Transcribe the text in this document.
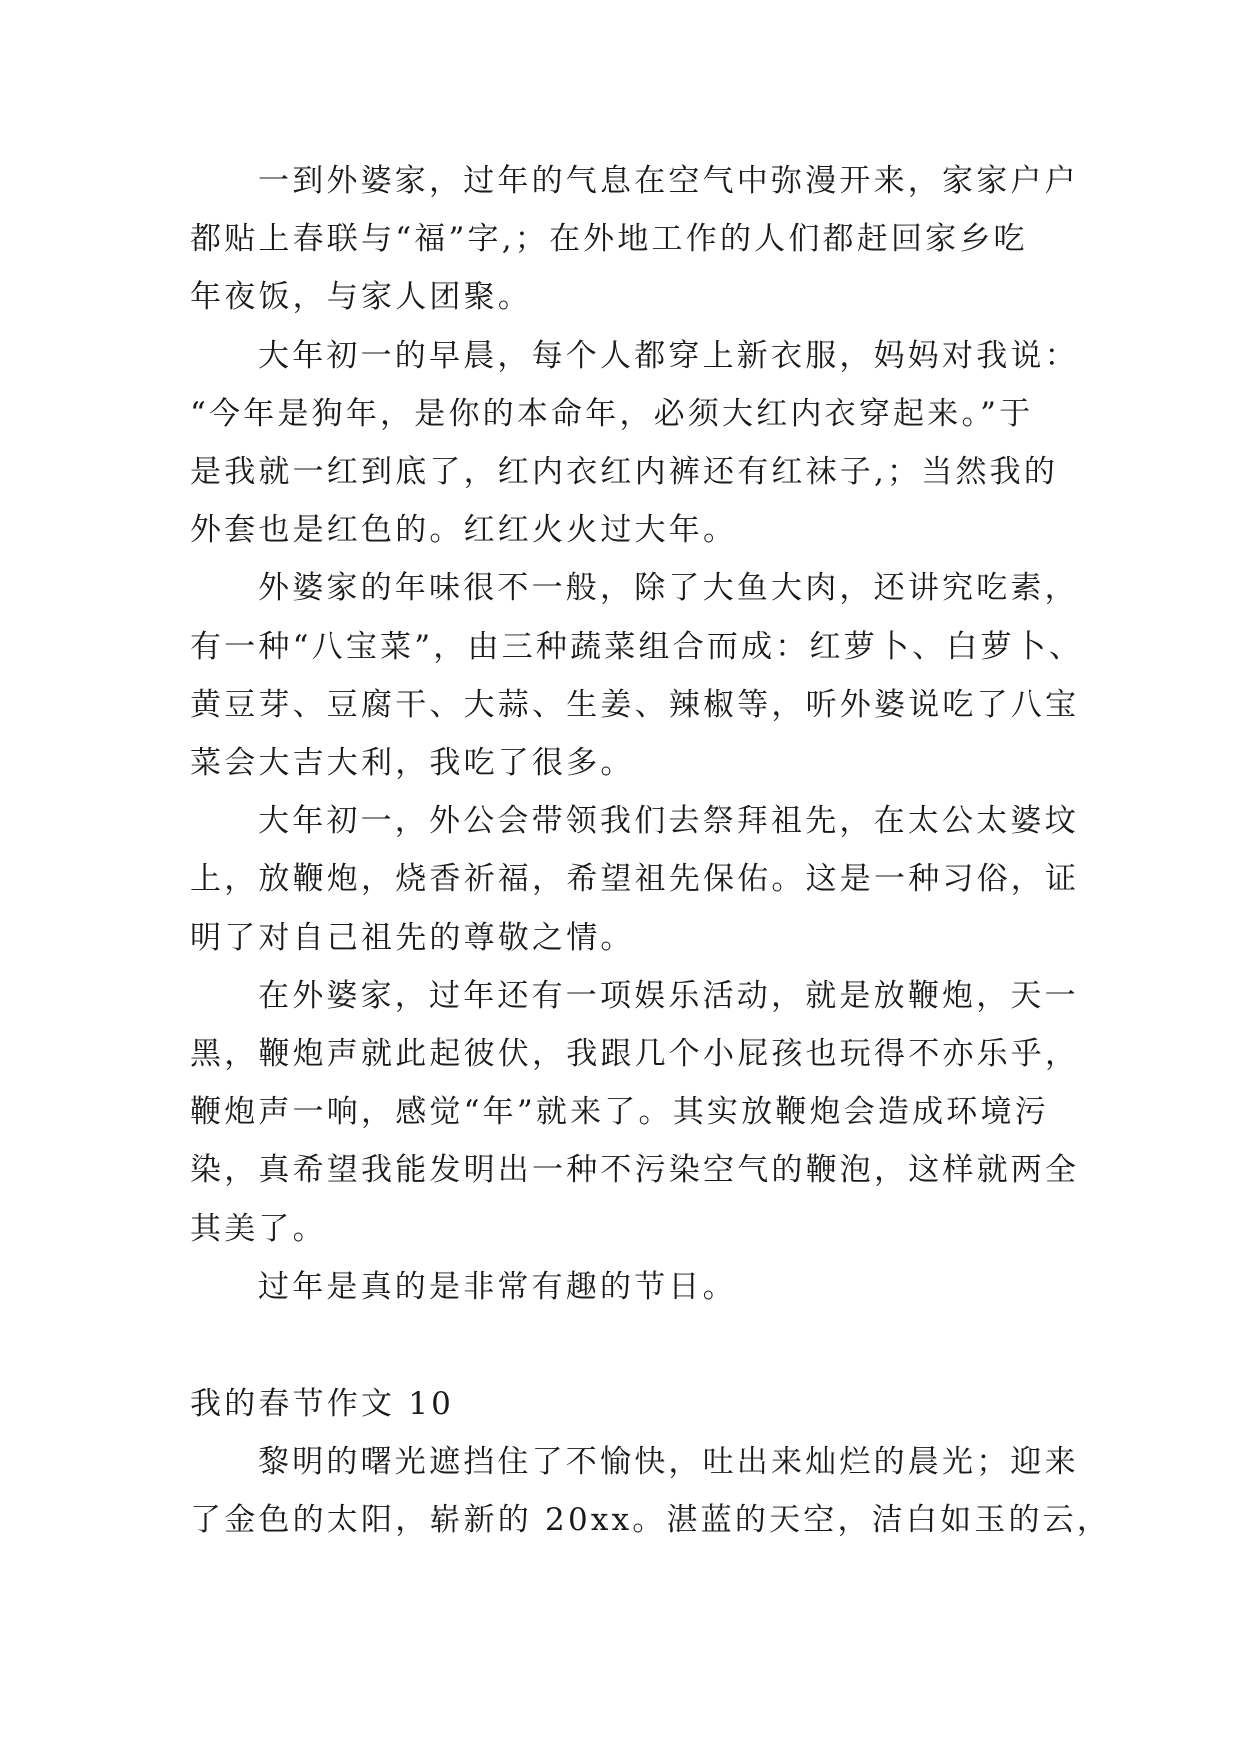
一到外婆家，过年的气息在空气中弥漫开来，家家户户
都贴上春联与“福”字,；在外地工作的人们都赶回家乡吃
年夜饭，与家人团聚。

大年初一的早晨，每个人都穿上新衣服，妈妈对我说：
“今年是狗年，是你的本命年，必须大红内衣穿起来。”于
是我就一红到底了，红内衣红内裤还有红袜子,；当然我的
外套也是红色的。红红火火过大年。

外婆家的年味很不一般，除了大鱼大肉，还讲究吃素，
有一种“八宝菜”，由三种蔬菜组合而成：红萝卜、白萝卜、
黄豆芽、豆腐干、大蒜、生姜、辣椒等，听外婆说吃了八宝
菜会大吉大利，我吃了很多。

大年初一，外公会带领我们去祭拜祖先，在太公太婆坟
上，放鞭炮，烧香祈福，希望祖先保佑。这是一种习俗，证
明了对自己祖先的尊敬之情。

在外婆家，过年还有一项娱乐活动，就是放鞭炮，天一
黑，鞭炮声就此起彼伏，我跟几个小屁孩也玩得不亦乐乎，
鞭炮声一响，感觉“年”就来了。其实放鞭炮会造成环境污
染，真希望我能发明出一种不污染空气的鞭泡，这样就两全
其美了。

过年是真的是非常有趣的节日。

我的春节作文 10

黎明的曙光遮挡住了不愉快，吐出来灿烂的晨光；迎来
了金色的太阳，崭新的 20xx。湛蓝的天空，洁白如玉的云，
